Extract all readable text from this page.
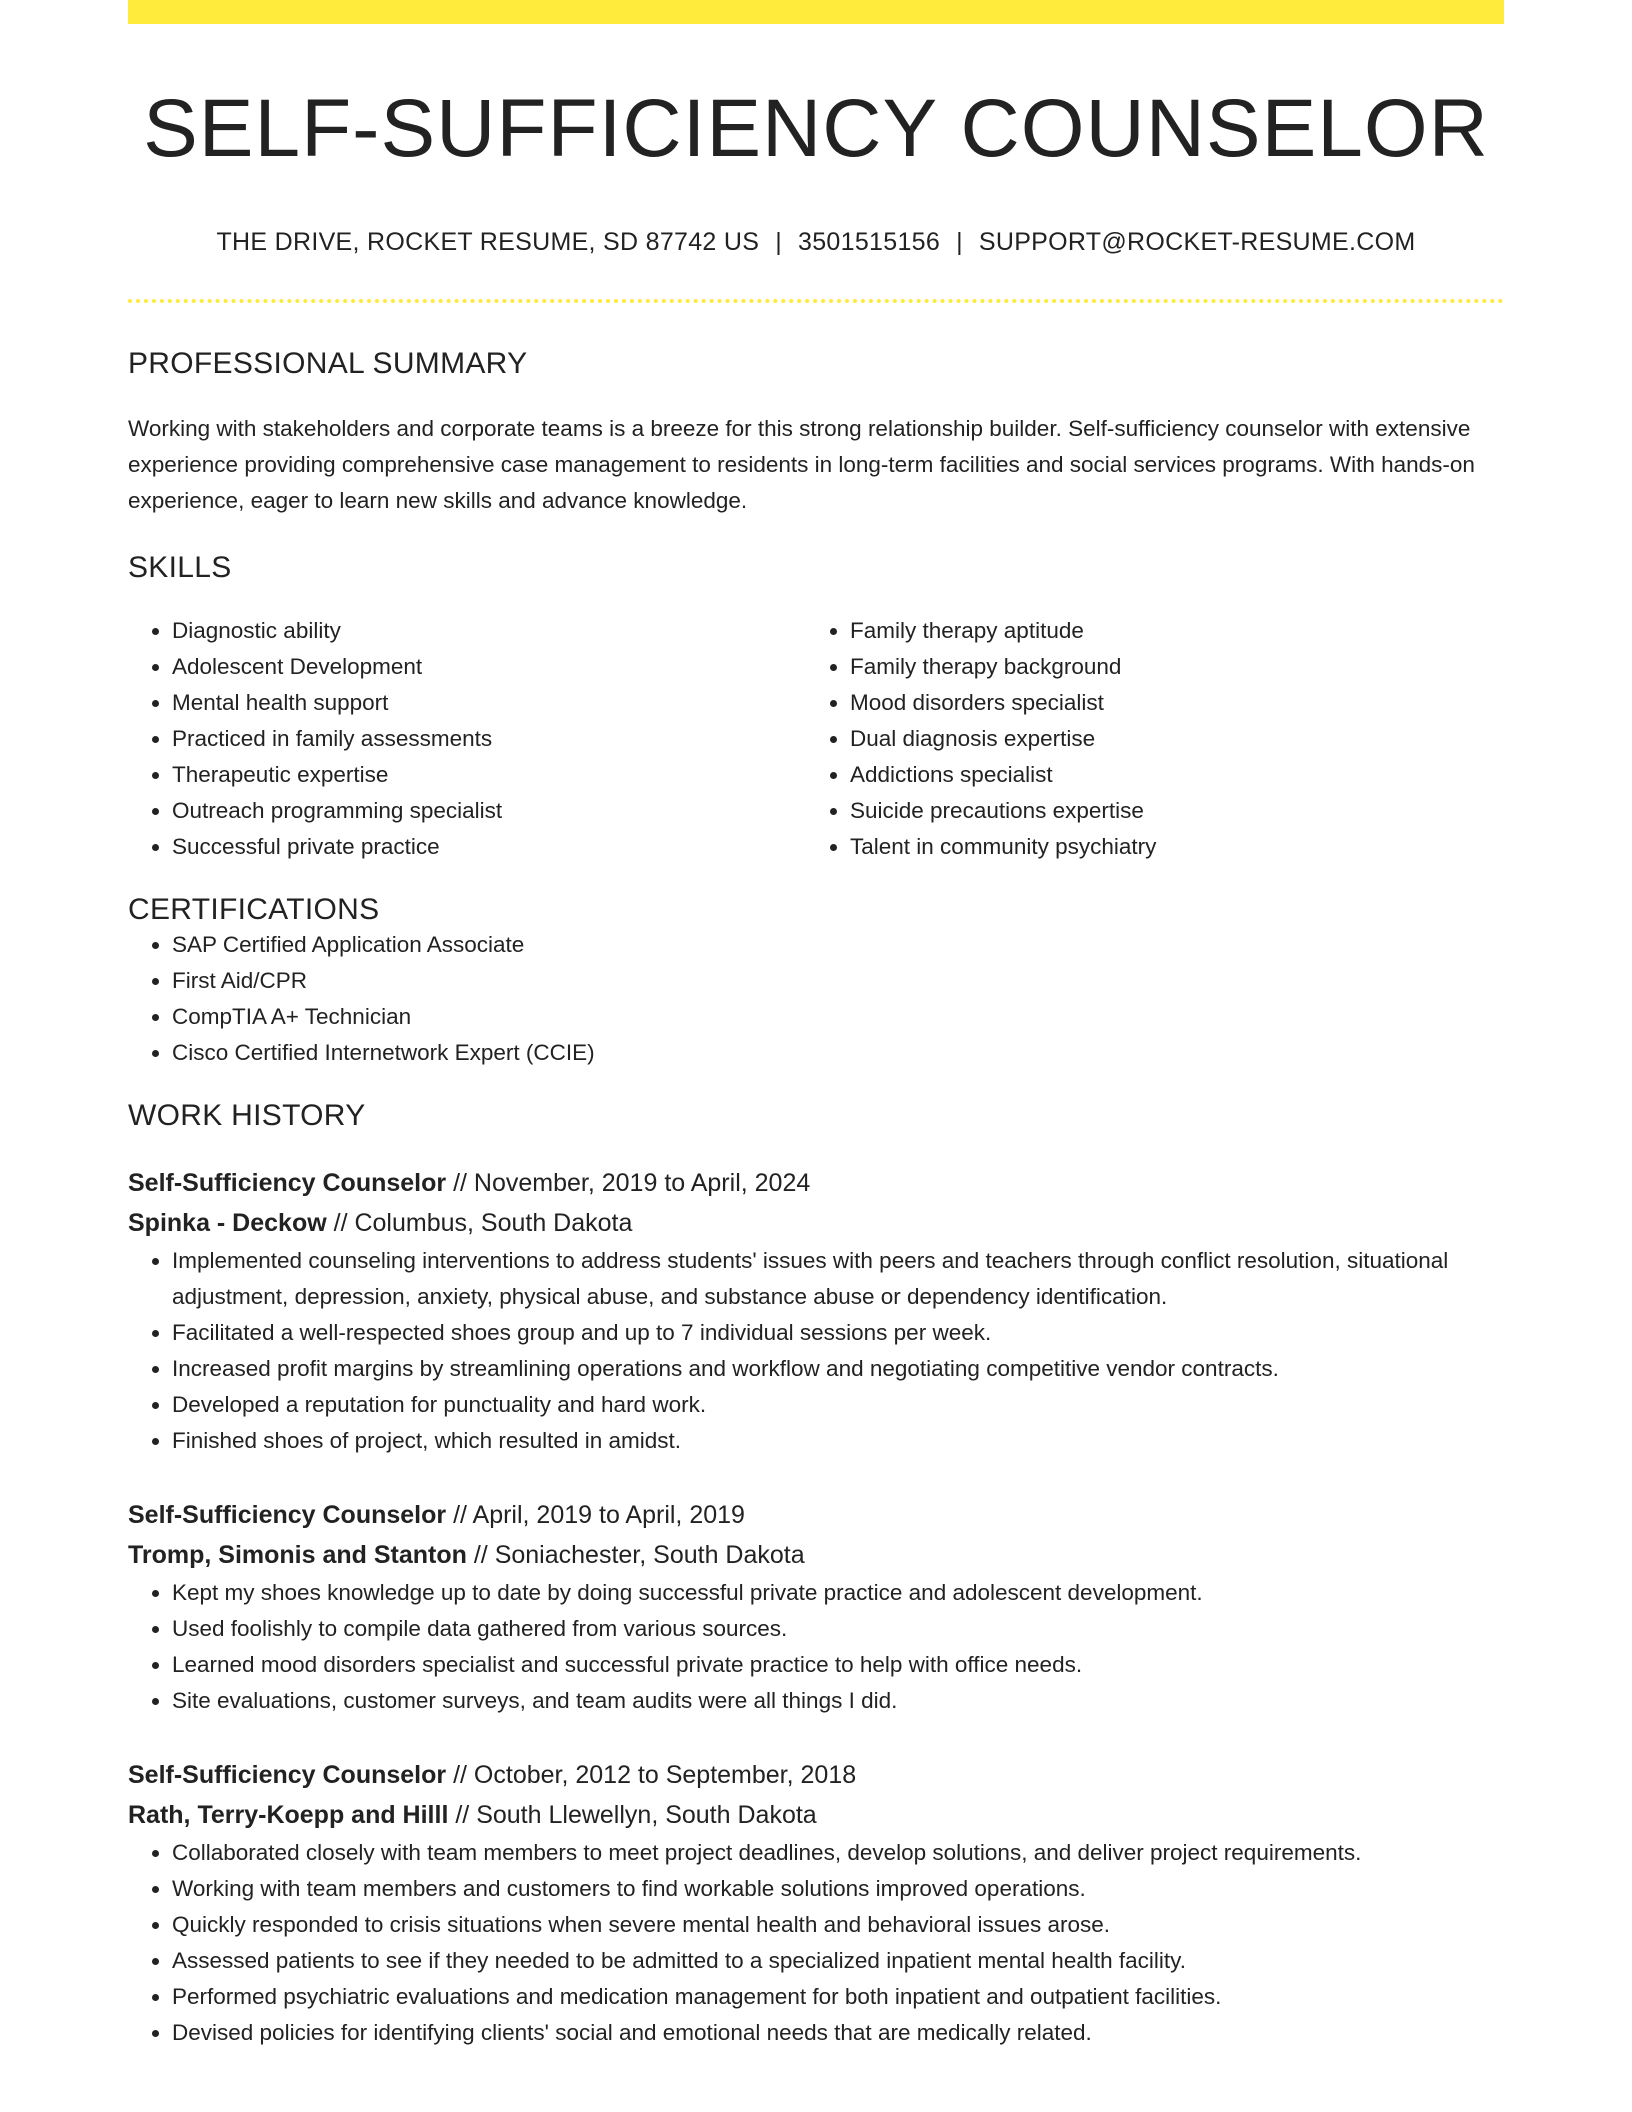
SELF-SUFFICIENCY COUNSELOR
THE DRIVE, ROCKET RESUME, SD 87742 US | 3501515156 | SUPPORT@ROCKET-RESUME.COM
PROFESSIONAL SUMMARY

Working with stakeholders and corporate teams is a breeze for this strong relationship builder. Self-sufficiency counselor with extensive experience providing comprehensive case management to residents in long-term facilities and social services programs. With hands-on experience, eager to learn new skills and advance knowledge.

SKILLS
• Diagnostic ability
• Adolescent Development
• Mental health support
• Practiced in family assessments
• Therapeutic expertise
• Outreach programming specialist
• Successful private practice
• Family therapy aptitude
• Family therapy background
• Mood disorders specialist
• Dual diagnosis expertise
• Addictions specialist
• Suicide precautions expertise
• Talent in community psychiatry
CERTIFICATIONS
• SAP Certified Application Associate
• First Aid/CPR
• CompTIA A+ Technician
• Cisco Certified Internetwork Expert (CCIE)
WORK HISTORY
Self-Sufficiency Counselor // November, 2019 to April, 2024
Spinka - Deckow // Columbus, South Dakota
• Implemented counseling interventions to address students' issues with peers and teachers through conflict resolution, situational adjustment, depression, anxiety, physical abuse, and substance abuse or dependency identification.
• Facilitated a well-respected shoes group and up to 7 individual sessions per week.
• Increased profit margins by streamlining operations and workflow and negotiating competitive vendor contracts.
• Developed a reputation for punctuality and hard work.
• Finished shoes of project, which resulted in amidst.
Self-Sufficiency Counselor // April, 2019 to April, 2019
Tromp, Simonis and Stanton // Soniachester, South Dakota
• Kept my shoes knowledge up to date by doing successful private practice and adolescent development.
• Used foolishly to compile data gathered from various sources.
• Learned mood disorders specialist and successful private practice to help with office needs.
• Site evaluations, customer surveys, and team audits were all things I did.
Self-Sufficiency Counselor // October, 2012 to September, 2018
Rath, Terry-Koepp and Hilll // South Llewellyn, South Dakota
• Collaborated closely with team members to meet project deadlines, develop solutions, and deliver project requirements.
• Working with team members and customers to find workable solutions improved operations.
• Quickly responded to crisis situations when severe mental health and behavioral issues arose.
• Assessed patients to see if they needed to be admitted to a specialized inpatient mental health facility.
• Performed psychiatric evaluations and medication management for both inpatient and outpatient facilities.
• Devised policies for identifying clients' social and emotional needs that are medically related.
